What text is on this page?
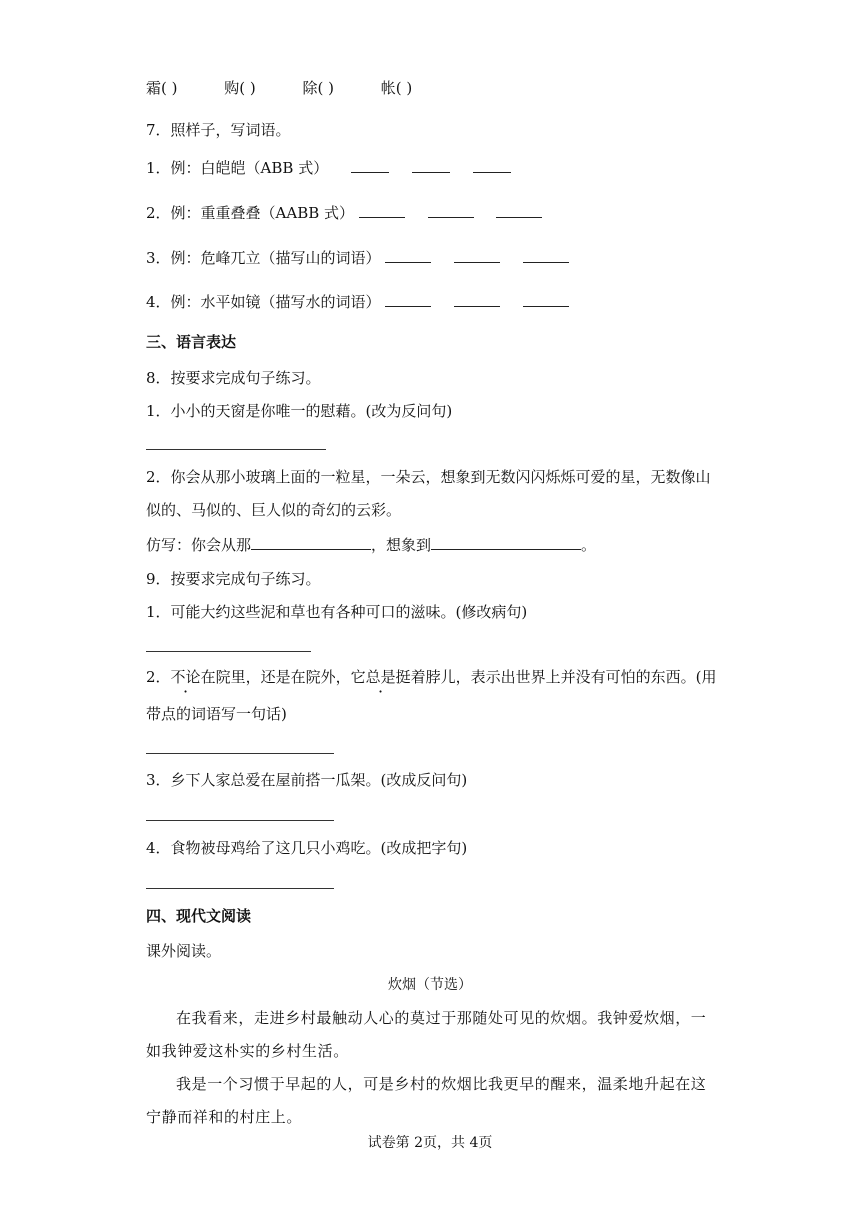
霜( )	购( )	除( )	帐( )
7．照样子，写词语。
1．例：白皑皑（ABB 式）
2．例：重重叠叠（AABB 式）
3．例：危峰兀立（描写山的词语）
4．例：水平如镜（描写水的词语）
三、语言表达
8．按要求完成句子练习。
1．小小的天窗是你唯一的慰藉。(改为反问句)
2．你会从那小玻璃上面的一粒星，一朵云，想象到无数闪闪烁烁可爱的星，无数像山
似的、马似的、巨人似的奇幻的云彩。
仿写：你会从那	，想象到	。
9．按要求完成句子练习。
1．可能大约这些泥和草也有各种可口的滋味。(修改病句)
2．不论在院里，还是在院外，它总是挺着脖儿，表示出世界上并没有可怕的东西。(用
带点的词语写一句话)
3．乡下人家总爱在屋前搭一瓜架。(改成反问句)
4．食物被母鸡给了这几只小鸡吃。(改成把字句)
四、现代文阅读
课外阅读。
炊烟（节选）
在我看来，走进乡村最触动人心的莫过于那随处可见的炊烟。我钟爱炊烟，一如我钟爱这朴实的乡村生活。
我是一个习惯于早起的人，可是乡村的炊烟比我更早的醒来，温柔地升起在这宁静而祥和的村庄上。
试卷第 2页，共 4页
